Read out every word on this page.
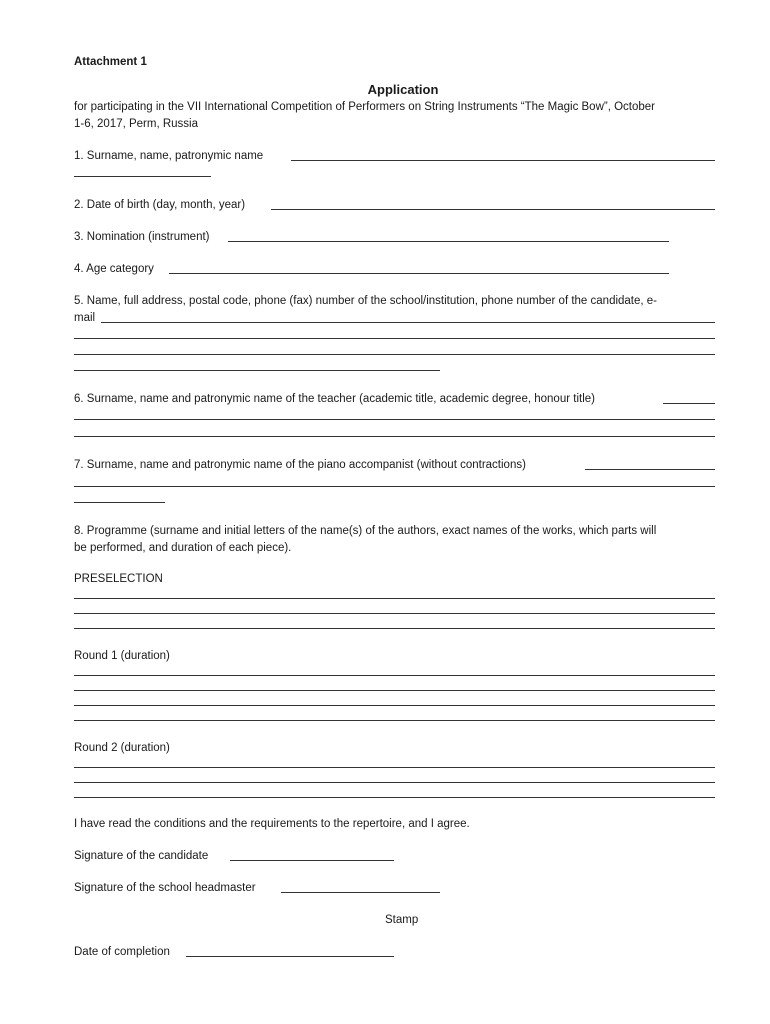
Attachment 1
Application
for participating in the VII International Competition of Performers on String Instruments “The Magic Bow”, October
1-6, 2017, Perm, Russia
1. Surname, name, patronymic name
2. Date of birth (day, month, year)
3. Nomination (instrument)
4. Age category
5. Name, full address, postal code, phone (fax) number of the school/institution, phone number of the candidate, e-
mail
6. Surname, name and patronymic name of the teacher (academic title, academic degree, honour title)
7. Surname, name and patronymic name of the piano accompanist (without contractions)
8. Programme (surname and initial letters of the name(s) of the authors, exact names of the works, which parts will
be performed, and duration of each piece).
PRESELECTION
Round 1 (duration)
Round 2 (duration)
I have read the conditions and the requirements to the repertoire, and I agree.
Signature of the candidate
Signature of the school headmaster
Stamp
Date of completion
